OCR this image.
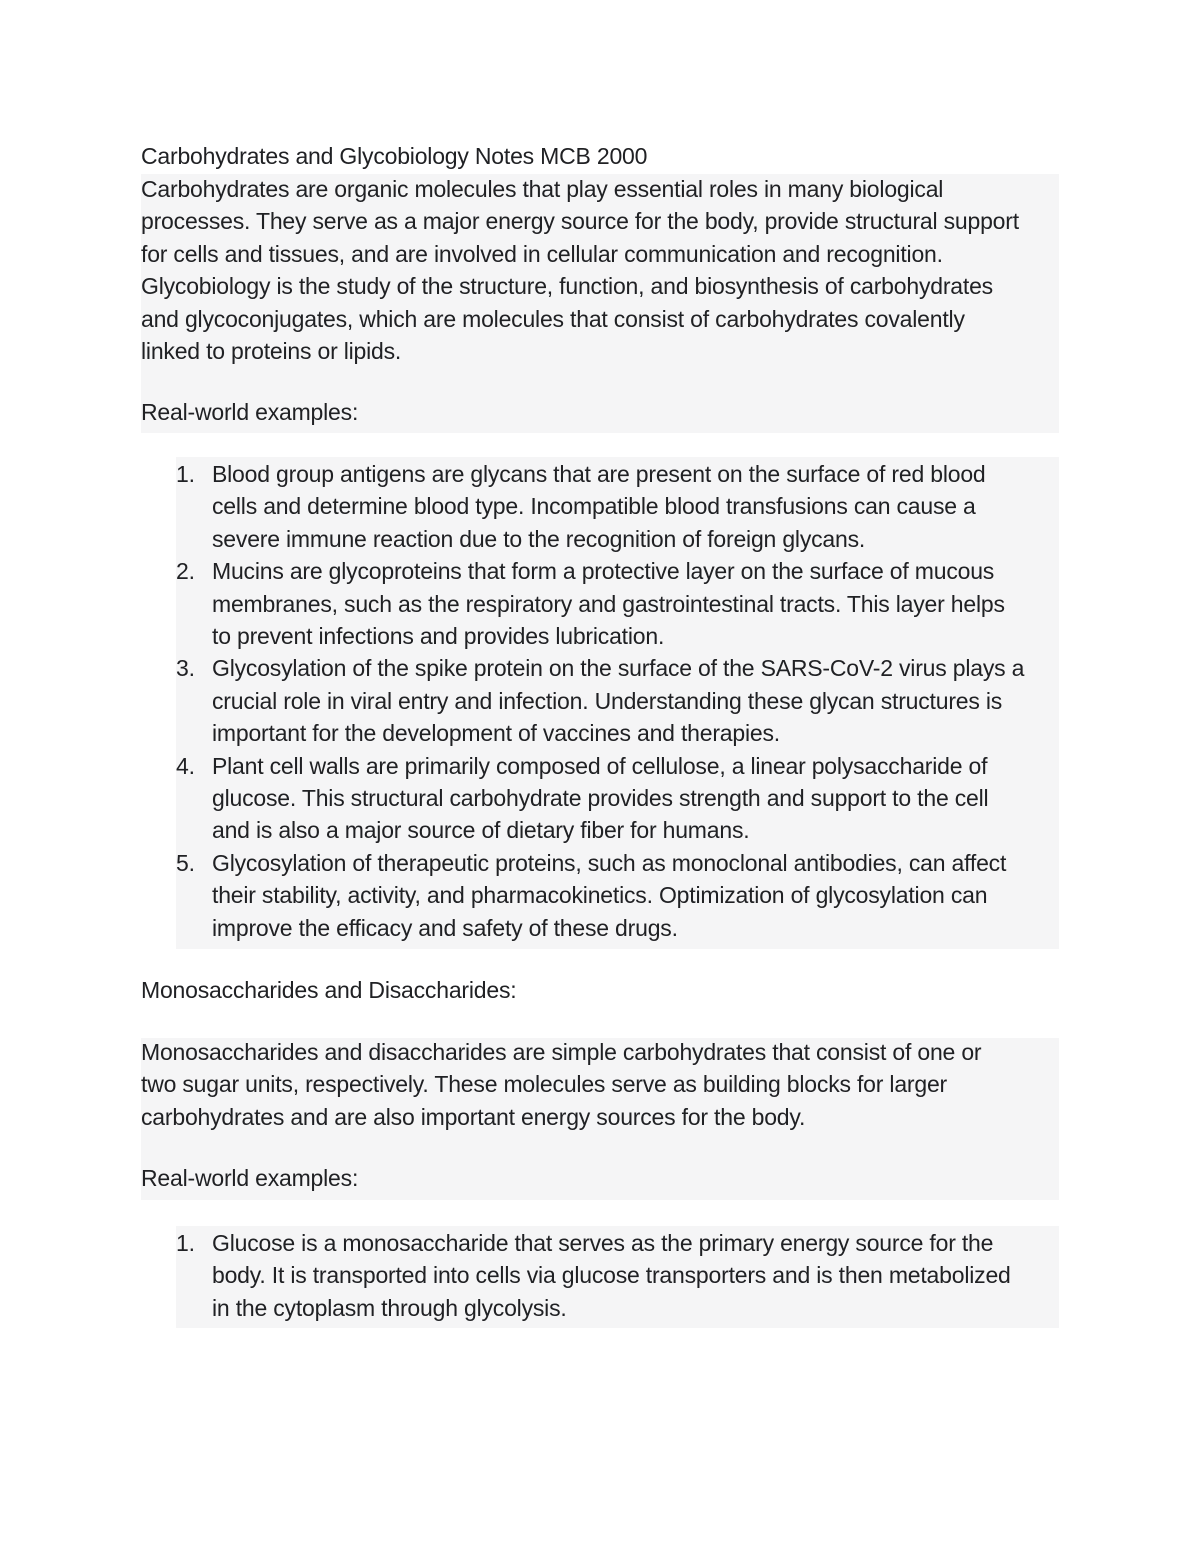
Carbohydrates and Glycobiology Notes MCB 2000

Carbohydrates are organic molecules that play essential roles in many biological

processes. They serve as a major energy source for the body, provide structural support

for cells and tissues, and are involved in cellular communication and recognition.

Glycobiology is the study of the structure, function, and biosynthesis of carbohydrates

and glycoconjugates, which are molecules that consist of carbohydrates covalently

linked to proteins or lipids.

Real-world examples:

1. Blood group antigens are glycans that are present on the surface of red blood

cells and determine blood type. Incompatible blood transfusions can cause a

severe immune reaction due to the recognition of foreign glycans.

2. Mucins are glycoproteins that form a protective layer on the surface of mucous

membranes, such as the respiratory and gastrointestinal tracts. This layer helps

to prevent infections and provides lubrication.

3. Glycosylation of the spike protein on the surface of the SARS-CoV-2 virus plays a

crucial role in viral entry and infection. Understanding these glycan structures is

important for the development of vaccines and therapies.

4. Plant cell walls are primarily composed of cellulose, a linear polysaccharide of

glucose. This structural carbohydrate provides strength and support to the cell

and is also a major source of dietary fiber for humans.

5. Glycosylation of therapeutic proteins, such as monoclonal antibodies, can affect

their stability, activity, and pharmacokinetics. Optimization of glycosylation can

improve the efficacy and safety of these drugs.

Monosaccharides and Disaccharides:

Monosaccharides and disaccharides are simple carbohydrates that consist of one or

two sugar units, respectively. These molecules serve as building blocks for larger

carbohydrates and are also important energy sources for the body.

Real-world examples:

1. Glucose is a monosaccharide that serves as the primary energy source for the

body. It is transported into cells via glucose transporters and is then metabolized

in the cytoplasm through glycolysis.
